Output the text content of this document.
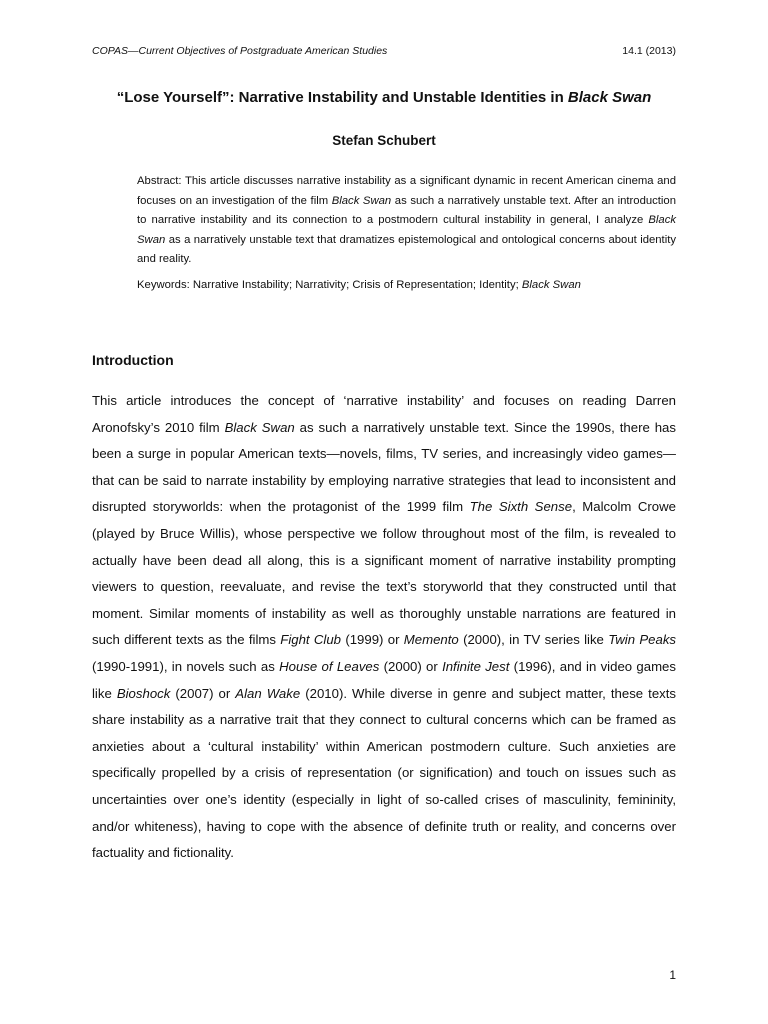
COPAS—Current Objectives of Postgraduate American Studies	14.1 (2013)
“Lose Yourself”: Narrative Instability and Unstable Identities in Black Swan
Stefan Schubert

Abstract: This article discusses narrative instability as a significant dynamic in recent American cinema and focuses on an investigation of the film Black Swan as such a narratively unstable text. After an introduction to narrative instability and its connection to a postmodern cultural instability in general, I analyze Black Swan as a narratively unstable text that dramatizes epistemological and ontological concerns about identity and reality.

Keywords: Narrative Instability; Narrativity; Crisis of Representation; Identity; Black Swan

Introduction

This article introduces the concept of ‘narrative instability’ and focuses on reading Darren Aronofsky’s 2010 film Black Swan as such a narratively unstable text. Since the 1990s, there has been a surge in popular American texts—novels, films, TV series, and increasingly video games—that can be said to narrate instability by employing narrative strategies that lead to inconsistent and disrupted storyworlds: when the protagonist of the 1999 film The Sixth Sense, Malcolm Crowe (played by Bruce Willis), whose perspective we follow throughout most of the film, is revealed to actually have been dead all along, this is a significant moment of narrative instability prompting viewers to question, reevaluate, and revise the text’s storyworld that they constructed until that moment. Similar moments of instability as well as thoroughly unstable narrations are featured in such different texts as the films Fight Club (1999) or Memento (2000), in TV series like Twin Peaks (1990-1991), in novels such as House of Leaves (2000) or Infinite Jest (1996), and in video games like Bioshock (2007) or Alan Wake (2010). While diverse in genre and subject matter, these texts share instability as a narrative trait that they connect to cultural concerns which can be framed as anxieties about a ‘cultural instability’ within American postmodern culture. Such anxieties are specifically propelled by a crisis of representation (or signification) and touch on issues such as uncertainties over one’s identity (especially in light of so-called crises of masculinity, femininity, and/or whiteness), having to cope with the absence of definite truth or reality, and concerns over factuality and fictionality.

1
